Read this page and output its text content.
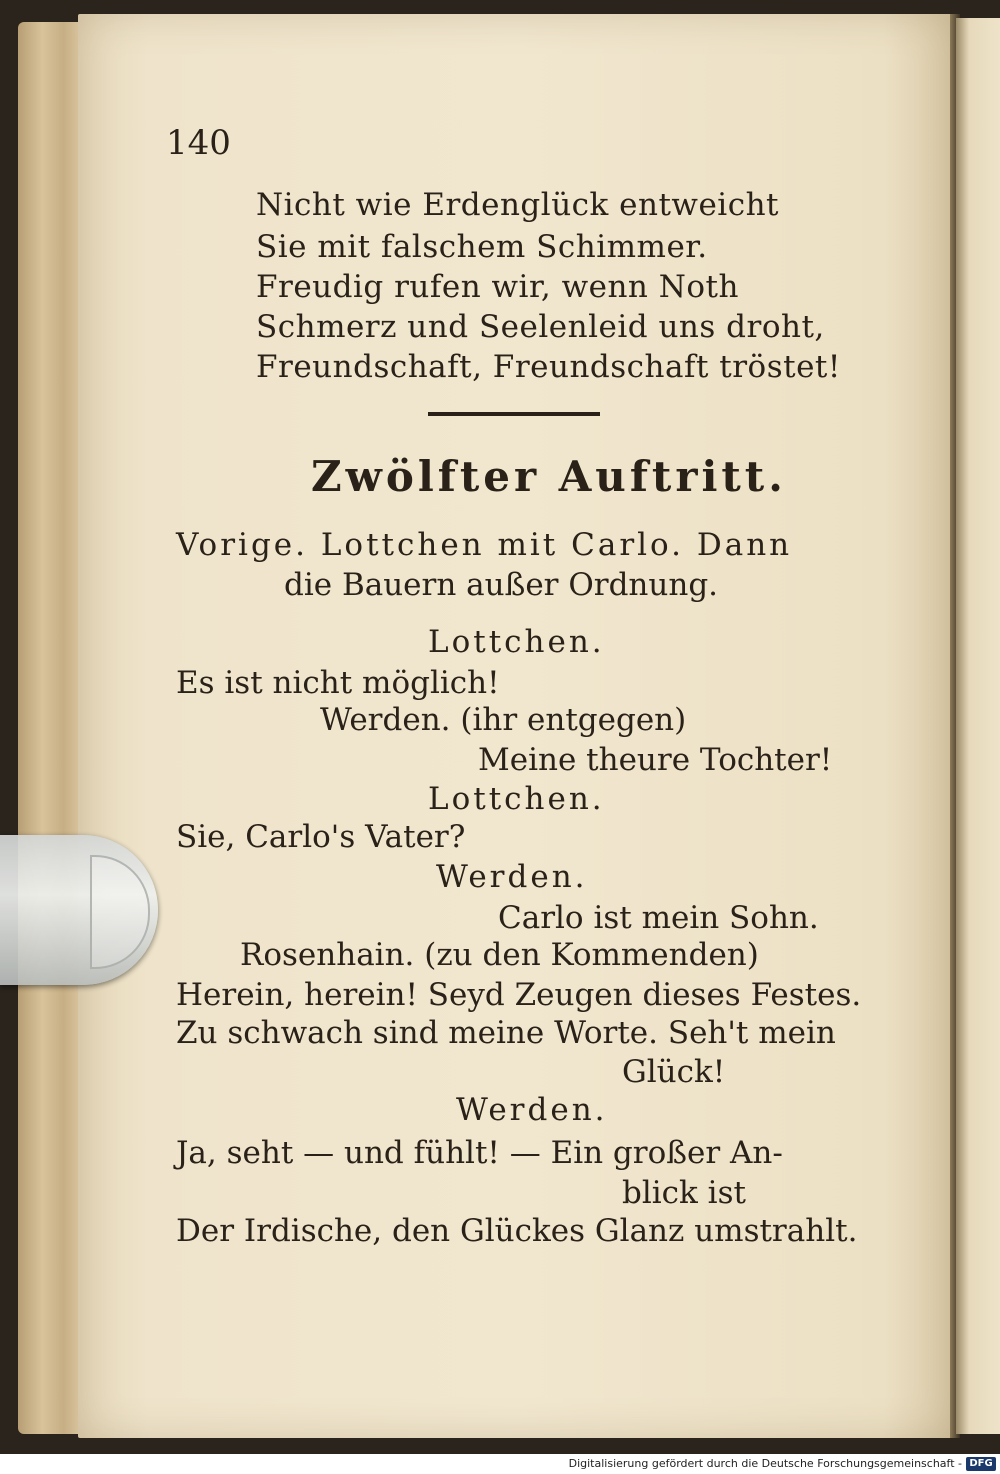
140
Nicht wie Erdenglück entweicht
Sie mit falschem Schimmer.
Freudig rufen wir, wenn Noth
Schmerz und Seelenleid uns droht,
Freundschaft, Freundschaft tröstet!
Zwölfter Auftritt.
Vorige. Lottchen mit Carlo. Dann
die Bauern außer Ordnung.
Lottchen.
Es ist nicht möglich!
Werden. (ihr entgegen)
Meine theure Tochter!
Lottchen.
Sie, Carlo's Vater?
Werden.
Carlo ist mein Sohn.
Rosenhain. (zu den Kommenden)
Herein, herein! Seyd Zeugen dieses Festes.
Zu schwach sind meine Worte. Seh't mein
Glück!
Werden.
Ja, seht — und fühlt! — Ein großer An-
blick ist
Der Irdische, den Glückes Glanz umstrahlt.
Digitalisierung gefördert durch die Deutsche Forschungsgemeinschaft - DFG
